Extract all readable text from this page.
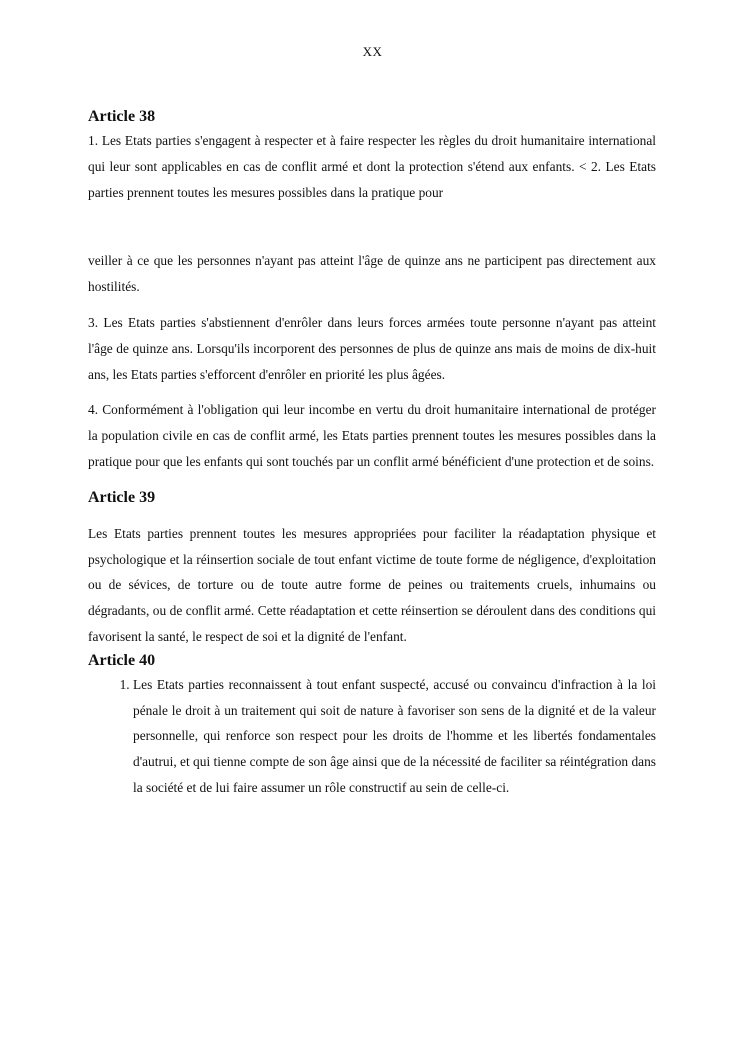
XX
Article 38

1. Les Etats parties s'engagent à respecter et à faire respecter les règles du droit humanitaire international qui leur sont applicables en cas de conflit armé et dont la protection s'étend aux enfants. < 2. Les Etats parties prennent toutes les mesures possibles dans la pratique pour

veiller à ce que les personnes n'ayant pas atteint l'âge de quinze ans ne participent pas directement aux hostilités.

3. Les Etats parties s'abstiennent d'enrôler dans leurs forces armées toute personne n'ayant pas atteint l'âge de quinze ans. Lorsqu'ils incorporent des personnes de plus de quinze ans mais de moins de dix-huit ans, les Etats parties s'efforcent d'enrôler en priorité les plus âgées.

4. Conformément à l'obligation qui leur incombe en vertu du droit humanitaire international de protéger la population civile en cas de conflit armé, les Etats parties prennent toutes les mesures possibles dans la pratique pour que les enfants qui sont touchés par un conflit armé bénéficient d'une protection et de soins.

Article 39

Les Etats parties prennent toutes les mesures appropriées pour faciliter la réadaptation physique et psychologique et la réinsertion sociale de tout enfant victime de toute forme de négligence, d'exploitation ou de sévices, de torture ou de toute autre forme de peines ou traitements cruels, inhumains ou dégradants, ou de conflit armé. Cette réadaptation et cette réinsertion se déroulent dans des conditions qui favorisent la santé, le respect de soi et la dignité de l'enfant.

Article 40
1. Les Etats parties reconnaissent à tout enfant suspecté, accusé ou convaincu d'infraction à la loi pénale le droit à un traitement qui soit de nature à favoriser son sens de la dignité et de la valeur personnelle, qui renforce son respect pour les droits de l'homme et les libertés fondamentales d'autrui, et qui tienne compte de son âge ainsi que de la nécessité de faciliter sa réintégration dans la société et de lui faire assumer un rôle constructif au sein de celle-ci.
